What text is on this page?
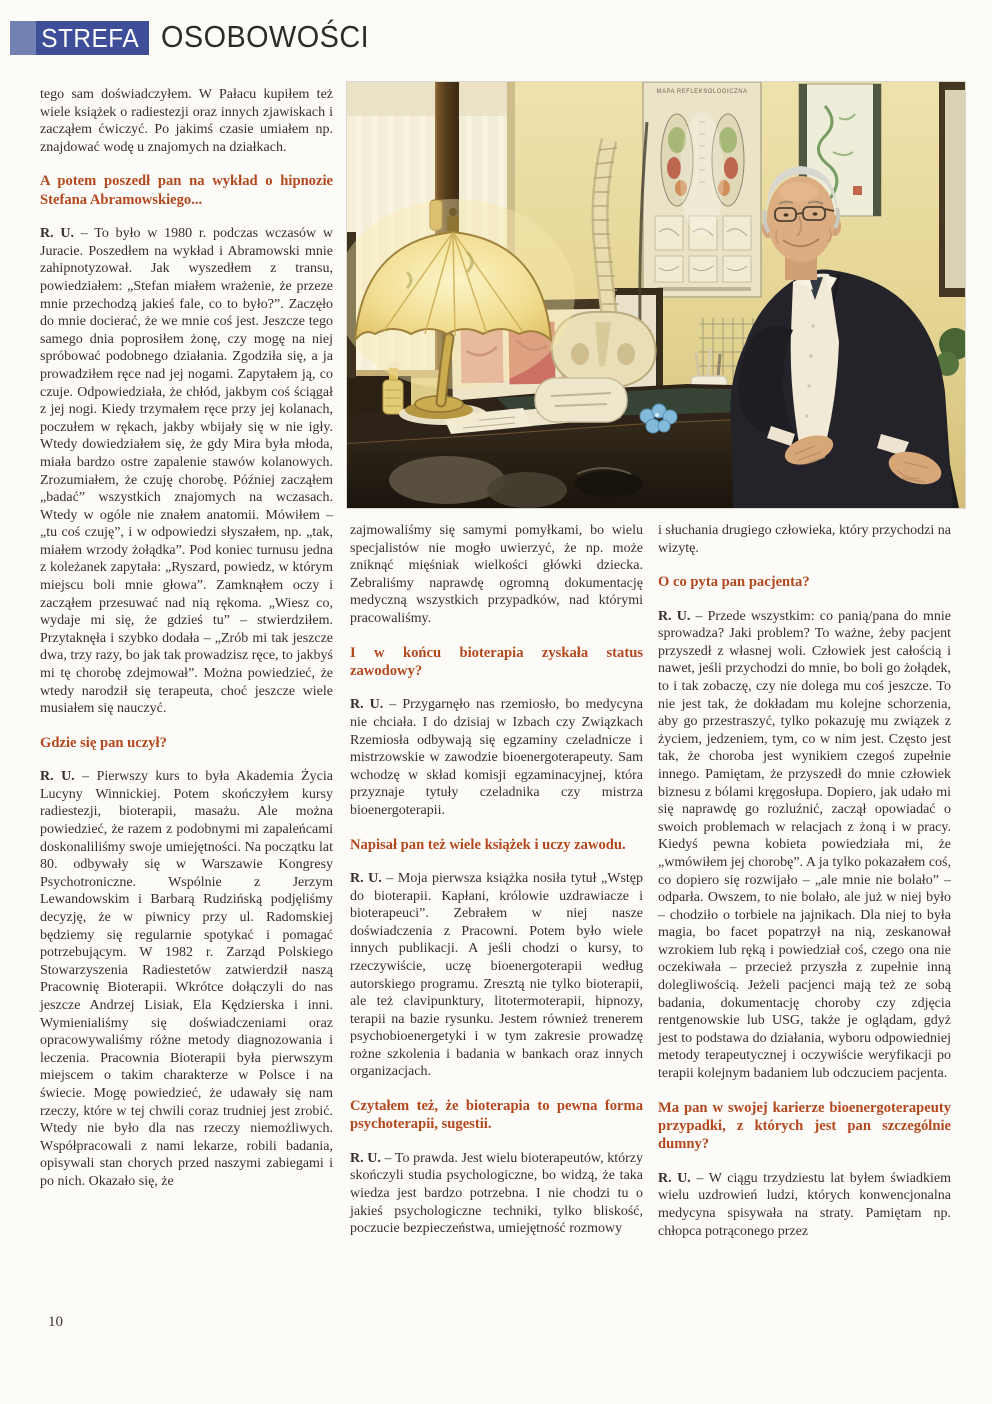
STREFA OSOBOWOŚCI
MAPA REFLEKSOLOGICZNA

tego sam doświadczyłem. W Pałacu kupiłem też wiele książek o radiestezji oraz innych zjawiskach i zacząłem ćwiczyć. Po jakimś czasie umiałem np. znajdować wodę u znajomych na działkach.

A potem poszedł pan na wykład o hipnozie Stefana Abramowskiego...

R. U. – To było w 1980 r. podczas wczasów w Juracie. Poszedłem na wykład i Abramowski mnie zahipnotyzował. Jak wyszedłem z transu, powiedziałem: „Stefan miałem wrażenie, że przeze mnie przechodzą jakieś fale, co to było?”. Zaczęło do mnie docierać, że we mnie coś jest. Jeszcze tego samego dnia poprosiłem żonę, czy mogę na niej spróbować podobnego działania. Zgodziła się, a ja prowadziłem ręce nad jej nogami. Zapytałem ją, co czuje. Odpowiedziała, że chłód, jakbym coś ściągał z jej nogi. Kiedy trzymałem ręce przy jej kolanach, poczułem w rękach, jakby wbijały się w nie igły. Wtedy dowiedziałem się, że gdy Mira była młoda, miała bardzo ostre zapalenie stawów kolanowych. Zrozumiałem, że czuję chorobę. Później zacząłem „badać” wszystkich znajomych na wczasach. Wtedy w ogóle nie znałem anatomii. Mówiłem – „tu coś czuję”, i w odpowiedzi słyszałem, np. „tak, miałem wrzody żołądka”. Pod koniec turnusu jedna z koleżanek zapytała: „Ryszard, powiedz, w którym miejscu boli mnie głowa”. Zamknąłem oczy i zacząłem przesuwać nad nią rękoma. „Wiesz co, wydaje mi się, że gdzieś tu” – stwierdziłem. Przytaknęła i szybko dodała – „Zrób mi tak jeszcze dwa, trzy razy, bo jak tak prowadzisz ręce, to jakbyś mi tę chorobę zdejmował”. Można powiedzieć, że wtedy narodził się terapeuta, choć jeszcze wiele musiałem się nauczyć.

Gdzie się pan uczył?

R. U. – Pierwszy kurs to była Akademia Życia Lucyny Winnickiej. Potem skończyłem kursy radiestezji, bioterapii, masażu. Ale można powiedzieć, że razem z podobnymi mi zapaleńcami doskonaliliśmy swoje umiejętności. Na początku lat 80. odbywały się w Warszawie Kongresy Psychotroniczne. Wspólnie z Jerzym Lewandowskim i Barbarą Rudzińską podjęliśmy decyzję, że w piwnicy przy ul. Radomskiej będziemy się regularnie spotykać i pomagać potrzebującym. W 1982 r. Zarząd Polskiego Stowarzyszenia Radiestetów zatwierdził naszą Pracownię Bioterapii. Wkrótce dołączyli do nas jeszcze Andrzej Lisiak, Ela Kędzierska i inni. Wymienialiśmy się doświadczeniami oraz opracowywaliśmy różne metody diagnozowania i leczenia. Pracownia Bioterapii była pierwszym miejscem o takim charakterze w Polsce i na świecie. Mogę powiedzieć, że udawały się nam rzeczy, które w tej chwili coraz trudniej jest zrobić. Wtedy nie było dla nas rzeczy niemożliwych. Współpracowali z nami lekarze, robili badania, opisywali stan chorych przed naszymi zabiegami i po nich. Okazało się, że

zajmowaliśmy się samymi pomyłkami, bo wielu specjalistów nie mogło uwierzyć, że np. może zniknąć mięśniak wielkości główki dziecka. Zebraliśmy naprawdę ogromną dokumentację medyczną wszystkich przypadków, nad którymi pracowaliśmy.

I w końcu bioterapia zyskała status zawodowy?

R. U. – Przygarnęło nas rzemiosło, bo medycyna nie chciała. I do dzisiaj w Izbach czy Związkach Rzemiosła odbywają się egzaminy czeladnicze i mistrzowskie w zawodzie bioenergoterapeuty. Sam wchodzę w skład komisji egzaminacyjnej, która przyznaje tytuły czeladnika czy mistrza bioenergoterapii.

Napisał pan też wiele książek i uczy zawodu.

R. U. – Moja pierwsza książka nosiła tytuł „Wstęp do bioterapii. Kapłani, królowie uzdrawiacze i bioterapeuci”. Zebrałem w niej nasze doświadczenia z Pracowni. Potem było wiele innych publikacji. A jeśli chodzi o kursy, to rzeczywiście, uczę bioenergoterapii według autorskiego programu. Zresztą nie tylko bioterapii, ale też clavipunktury, litotermoterapii, hipnozy, terapii na bazie rysunku. Jestem również trenerem psychobioenergetyki i w tym zakresie prowadzę rożne szkolenia i badania w bankach oraz innych organizacjach.

Czytałem też, że bioterapia to pewna forma psychoterapii, sugestii.

R. U. – To prawda. Jest wielu bioterapeutów, którzy skończyli studia psychologiczne, bo widzą, że taka wiedza jest bardzo potrzebna. I nie chodzi tu o jakieś psychologiczne techniki, tylko bliskość, poczucie bezpieczeństwa, umiejętność rozmowy

i słuchania drugiego człowieka, który przychodzi na wizytę.

O co pyta pan pacjenta?

R. U. – Przede wszystkim: co panią/pana do mnie sprowadza? Jaki problem? To ważne, żeby pacjent przyszedł z własnej woli. Człowiek jest całością i nawet, jeśli przychodzi do mnie, bo boli go żołądek, to i tak zobaczę, czy nie dolega mu coś jeszcze. To nie jest tak, że dokładam mu kolejne schorzenia, aby go przestraszyć, tylko pokazuję mu związek z życiem, jedzeniem, tym, co w nim jest. Często jest tak, że choroba jest wynikiem czegoś zupełnie innego. Pamiętam, że przyszedł do mnie człowiek biznesu z bólami kręgosłupa. Dopiero, jak udało mi się naprawdę go rozluźnić, zaczął opowiadać o swoich problemach w relacjach z żoną i w pracy. Kiedyś pewna kobieta powiedziała mi, że „wmówiłem jej chorobę”. A ja tylko pokazałem coś, co dopiero się rozwijało – „ale mnie nie bolało” – odparła. Owszem, to nie bolało, ale już w niej było – chodziło o torbiele na jajnikach. Dla niej to była magia, bo facet popatrzył na nią, zeskanował wzrokiem lub ręką i powiedział coś, czego ona nie oczekiwała – przecież przyszła z zupełnie inną dolegliwością. Jeżeli pacjenci mają też ze sobą badania, dokumentację choroby czy zdjęcia rentgenowskie lub USG, także je oglądam, gdyż jest to podstawa do działania, wyboru odpowiedniej metody terapeutycznej i oczywiście weryfikacji po terapii kolejnym badaniem lub odczuciem pacjenta.

Ma pan w swojej karierze bioenergoterapeuty przypadki, z których jest pan szczególnie dumny?

R. U. – W ciągu trzydziestu lat byłem świadkiem wielu uzdrowień ludzi, których konwencjonalna medycyna spisywała na straty. Pamiętam np. chłopca potrąconego przez

10
